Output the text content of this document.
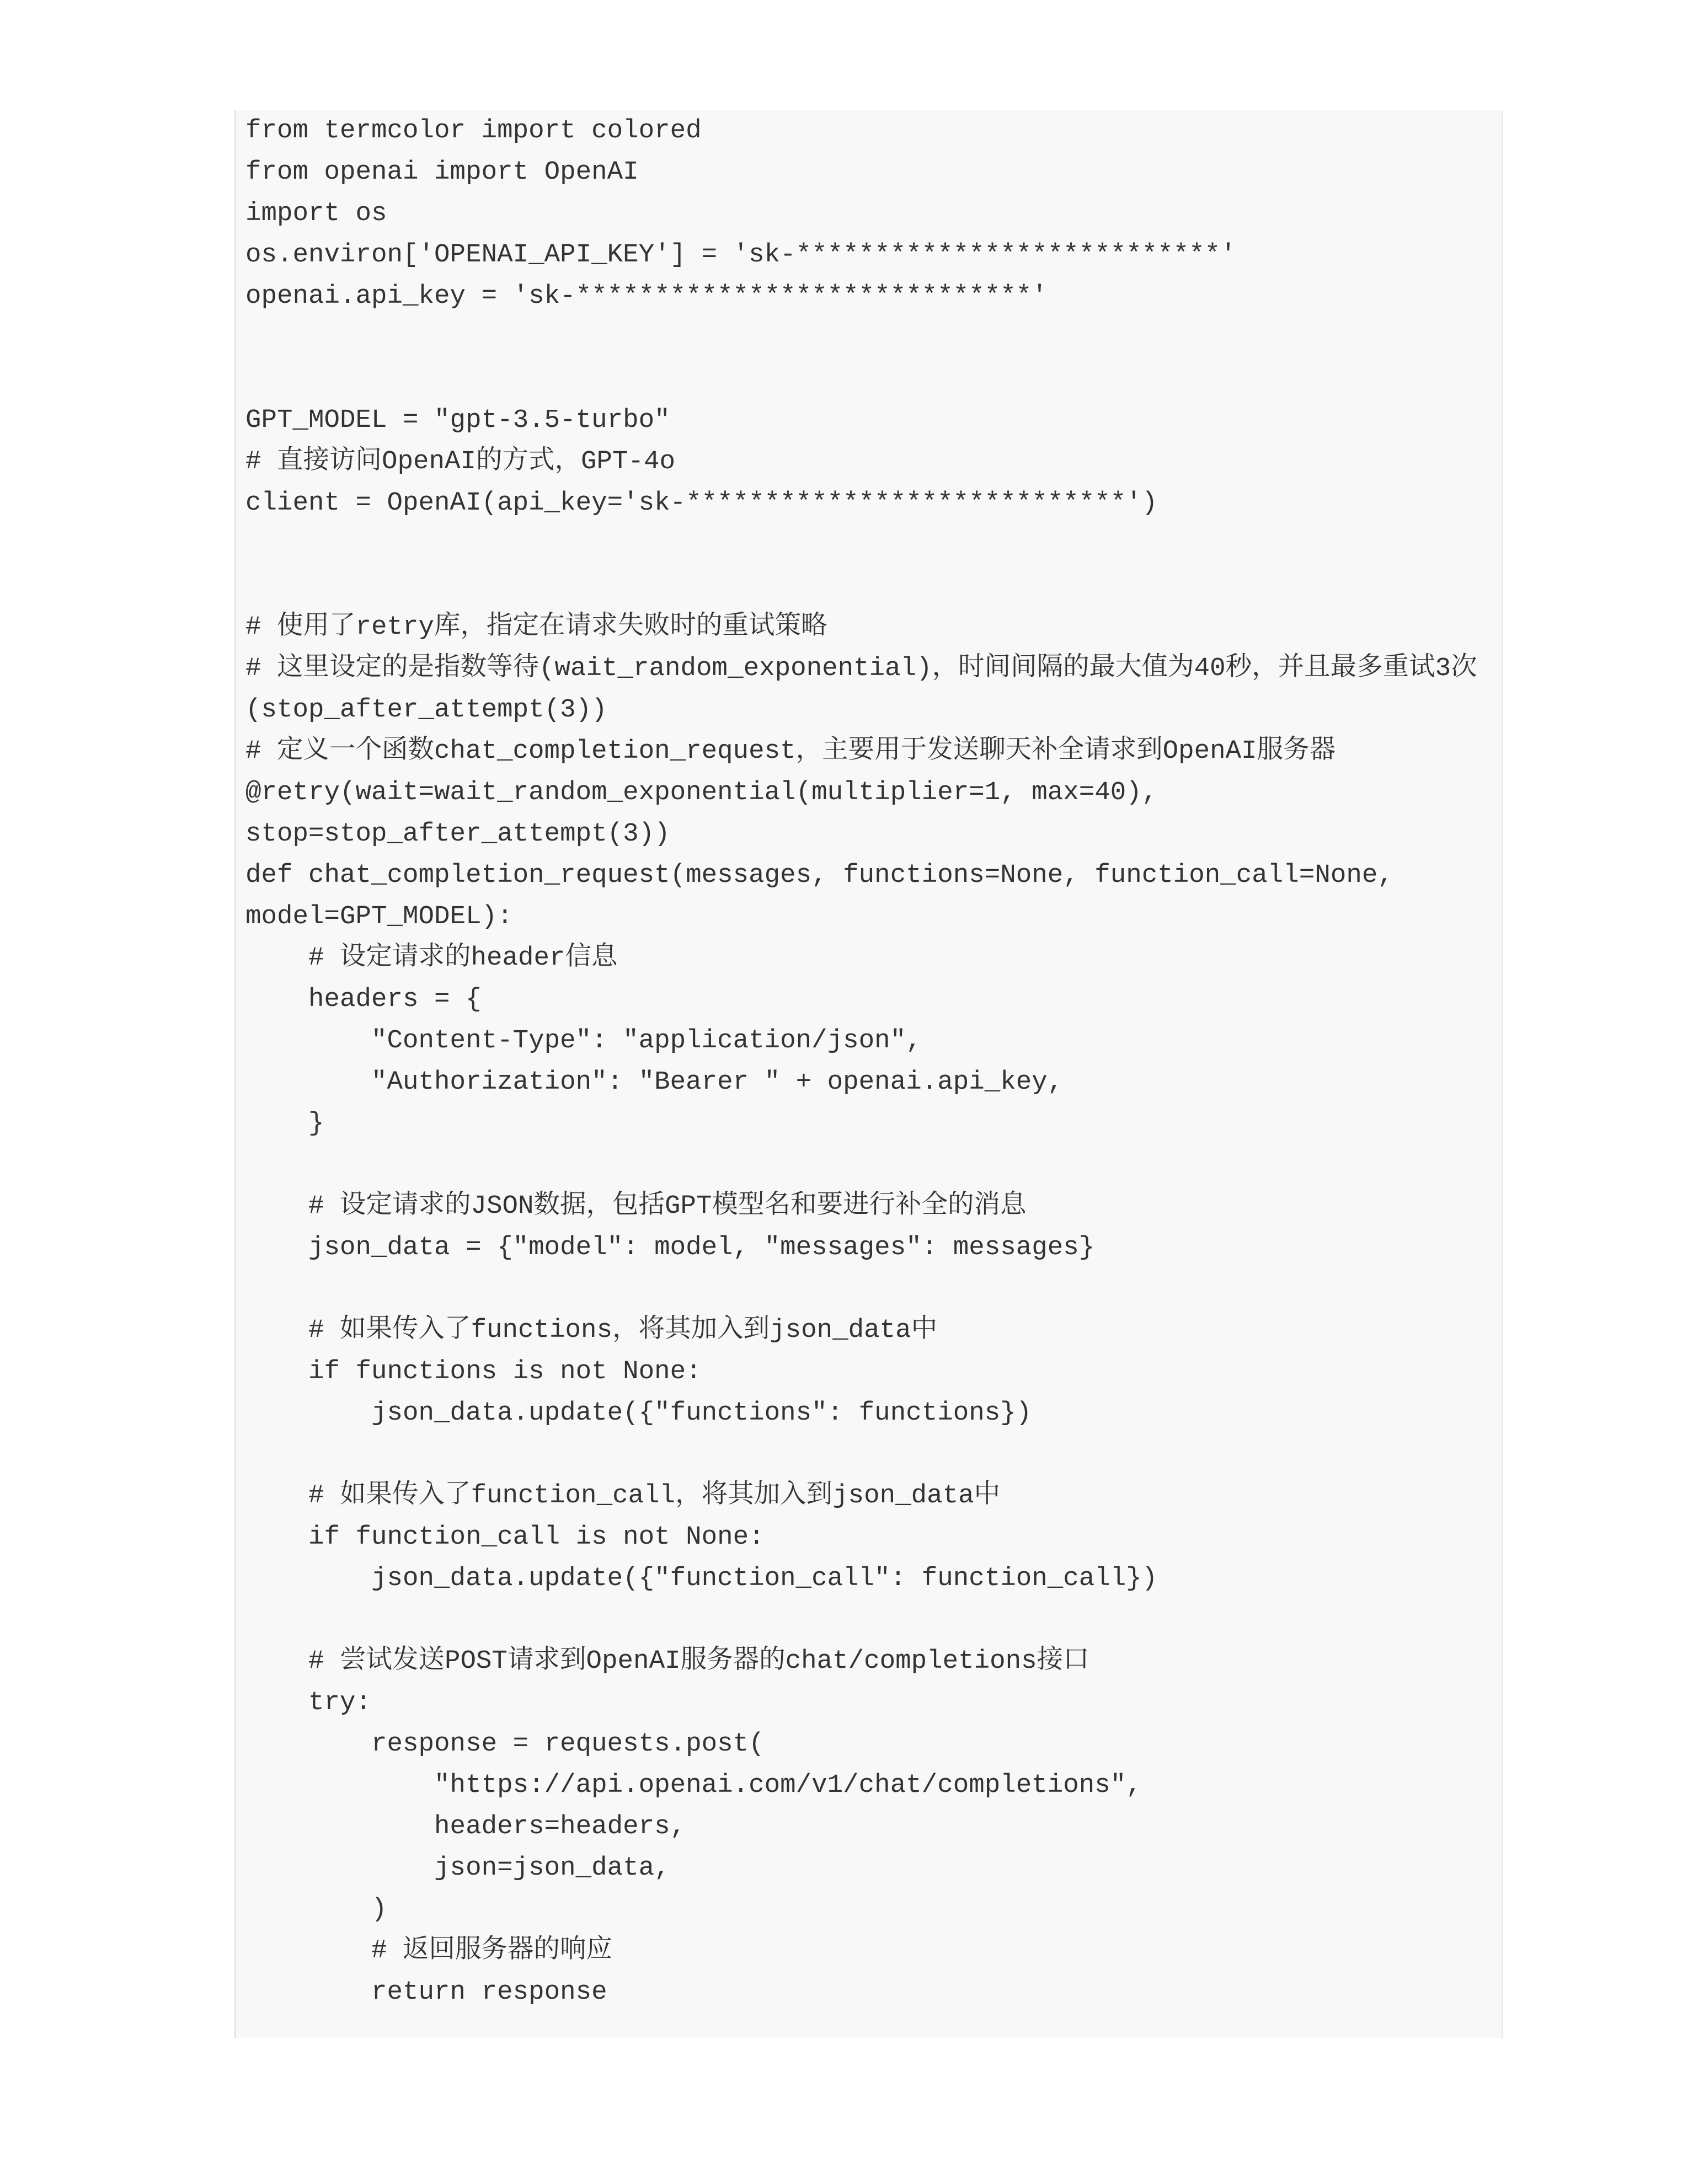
from termcolor import colored
from openai import OpenAI
import os
os.environ['OPENAI_API_KEY'] = 'sk-***************************'
openai.api_key = 'sk-*****************************'
GPT_MODEL = "gpt-3.5-turbo"
# 直接访问OpenAI的方式，GPT-4o
client = OpenAI(api_key='sk-****************************')
# 使用了retry库，指定在请求失败时的重试策略
# 这里设定的是指数等待(wait_random_exponential)，时间间隔的最大值为40秒，并且最多重试3次
(stop_after_attempt(3))
# 定义一个函数chat_completion_request，主要用于发送聊天补全请求到OpenAI服务器
@retry(wait=wait_random_exponential(multiplier=1, max=40),
stop=stop_after_attempt(3))
def chat_completion_request(messages, functions=None, function_call=None,
model=GPT_MODEL):
# 设定请求的header信息
headers = {
"Content-Type": "application/json",
"Authorization": "Bearer " + openai.api_key,
}
# 设定请求的JSON数据，包括GPT模型名和要进行补全的消息
json_data = {"model": model, "messages": messages}
# 如果传入了functions，将其加入到json_data中
if functions is not None:
json_data.update({"functions": functions})
# 如果传入了function_call，将其加入到json_data中
if function_call is not None:
json_data.update({"function_call": function_call})
# 尝试发送POST请求到OpenAI服务器的chat/completions接口
try:
response = requests.post(
"https://api.openai.com/v1/chat/completions",
headers=headers,
json=json_data,
)
# 返回服务器的响应
return response
